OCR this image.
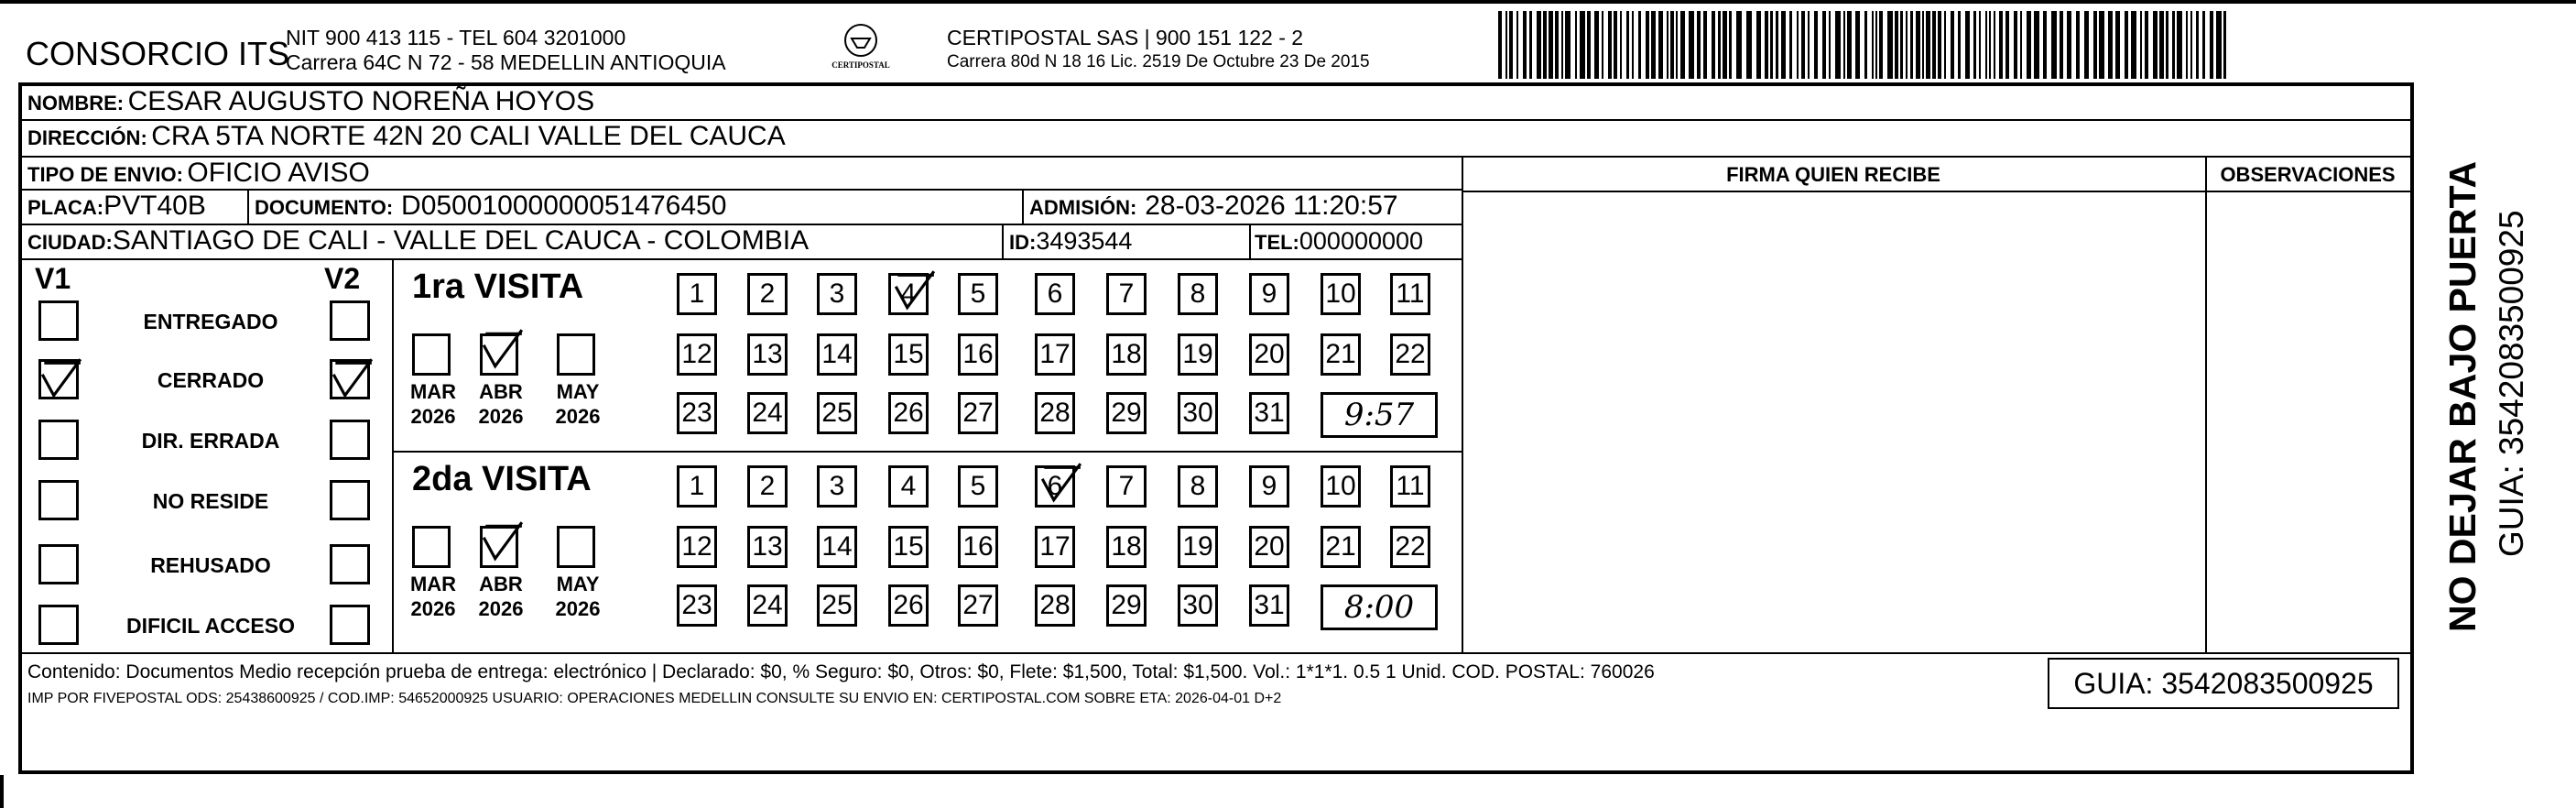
CONSORCIO ITS
NIT 900 413 115 - TEL 604 3201000
Carrera 64C N 72 - 58 MEDELLIN ANTIOQUIA	CERTIPOSTAL
CERTIPOSTAL SAS | 900 151 122 - 2
Carrera 80d N 18 16 Lic. 2519 De Octubre 23 De 2015
NOMBRE: CESAR AUGUSTO NOREÑA HOYOS
DIRECCIÓN: CRA 5TA NORTE 42N 20 CALI VALLE DEL CAUCA
TIPO DE ENVIO: OFICIO AVISO
PLACA:PVT40B DOCUMENTO: D05001000000051476450	ADMISIÓN: 28-03-2026 11:20:57
CIUDAD:SANTIAGO DE CALI - VALLE DEL CAUCA - COLOMBIA	ID:3493544	TEL:000000000
FIRMA QUIEN RECIBE	OBSERVACIONES
V1	V2
ENTREGADO
CERRADO
DIR. ERRADA
NO RESIDE
REHUSADO
DIFICIL ACCESO
1ra VISITA
MAR
2026
ABR
2026
MAY
2026
1	2	3	4	5	6	7	8	9	10 11
12 13 14 15 16 17 18 19 20 21 22
23 24 25 26 27 28 29 30 31	9:57
2da VISITA
MAR
2026
ABR
2026
MAY
2026
1	2	3	4	5	6	7	8	9	10 11
12 13 14 15 16 17 18 19 20 21 22
23 24 25 26 27 28 29 30 31	8:00
Contenido: Documentos Medio recepción prueba de entrega: electrónico | Declarado: $0, % Seguro: $0, Otros: $0, Flete: $1,500, Total: $1,500. Vol.: 1*1*1. 0.5 1 Unid. COD. POSTAL: 760026
IMP POR FIVEPOSTAL ODS: 25438600925 / COD.IMP: 54652000925 USUARIO: OPERACIONES MEDELLIN CONSULTE SU ENVIO EN: CERTIPOSTAL.COM SOBRE ETA: 2026-04-01 D+2	GUIA: 3542083500925
NO DEJAR BAJO PUERTA GUIA: 3542083500925
